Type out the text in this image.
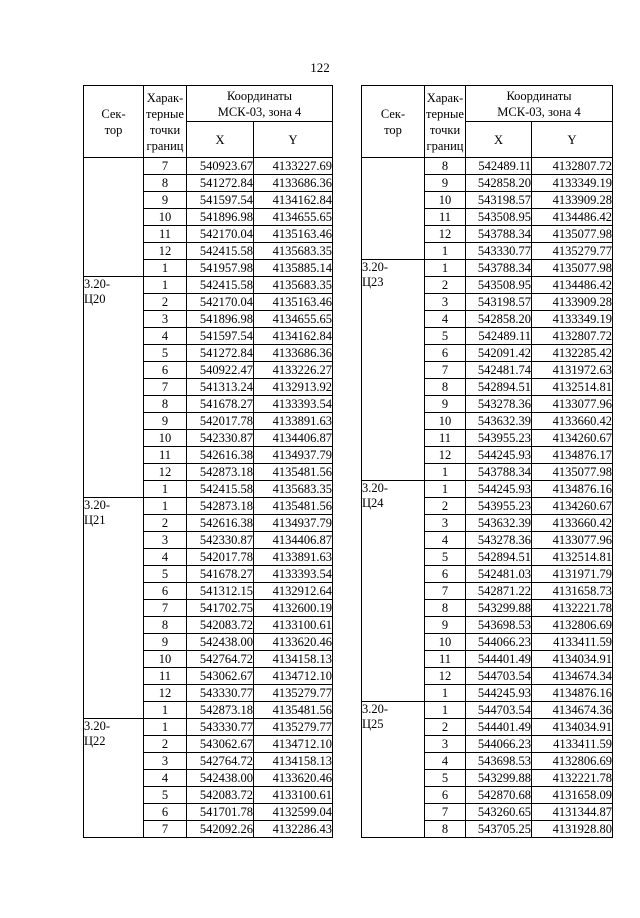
122
Сек-
тор	Харак-
терные
точки
границ	Координаты
МСК-03, зона 4	

		X	Y

	7	540923.67	4133227.69
	8	541272.84	4133686.36
	9	541597.54	4134162.84
	10	541896.98	4134655.65
	11	542170.04	4135163.46
	12	542415.58	4135683.35
	1	541957.98	4135885.14

3.20-
Ц20	1	542415.58	4135683.35
	2	542170.04	4135163.46
	3	541896.98	4134655.65
	4	541597.54	4134162.84
	5	541272.84	4133686.36
	6	540922.47	4133226.27
	7	541313.24	4132913.92
	8	541678.27	4133393.54
	9	542017.78	4133891.63
	10	542330.87	4134406.87
	11	542616.38	4134937.79
	12	542873.18	4135481.56
	1	542415.58	4135683.35

3.20-
Ц21	1	542873.18	4135481.56
	2	542616.38	4134937.79
	3	542330.87	4134406.87
	4	542017.78	4133891.63
	5	541678.27	4133393.54
	6	541312.15	4132912.64
	7	541702.75	4132600.19
	8	542083.72	4133100.61
	9	542438.00	4133620.46
	10	542764.72	4134158.13
	11	543062.67	4134712.10
	12	543330.77	4135279.77
	1	542873.18	4135481.56

3.20-
Ц22	1	543330.77	4135279.77
	2	543062.67	4134712.10
	3	542764.72	4134158.13
	4	542438.00	4133620.46
	5	542083.72	4133100.61
	6	541701.78	4132599.04
	7	542092.26	4132286.43
Сек-
тор	Харак-
терные
точки
границ	Координаты
МСК-03, зона 4	

		X	Y

	8	542489.11	4132807.72
	9	542858.20	4133349.19
	10	543198.57	4133909.28
	11	543508.95	4134486.42
	12	543788.34	4135077.98
	1	543330.77	4135279.77

3.20-
Ц23	1	543788.34	4135077.98
	2	543508.95	4134486.42
	3	543198.57	4133909.28
	4	542858.20	4133349.19
	5	542489.11	4132807.72
	6	542091.42	4132285.42
	7	542481.74	4131972.63
	8	542894.51	4132514.81
	9	543278.36	4133077.96
	10	543632.39	4133660.42
	11	543955.23	4134260.67
	12	544245.93	4134876.17
	1	543788.34	4135077.98

3.20-
Ц24	1	544245.93	4134876.16
	2	543955.23	4134260.67
	3	543632.39	4133660.42
	4	543278.36	4133077.96
	5	542894.51	4132514.81
	6	542481.03	4131971.79
	7	542871.22	4131658.73
	8	543299.88	4132221.78
	9	543698.53	4132806.69
	10	544066.23	4133411.59
	11	544401.49	4134034.91
	12	544703.54	4134674.34
	1	544245.93	4134876.16

3.20-
Ц25	1	544703.54	4134674.36
	2	544401.49	4134034.91
	3	544066.23	4133411.59
	4	543698.53	4132806.69
	5	543299.88	4132221.78
	6	542870.68	4131658.09
	7	543260.65	4131344.87
	8	543705.25	4131928.80
